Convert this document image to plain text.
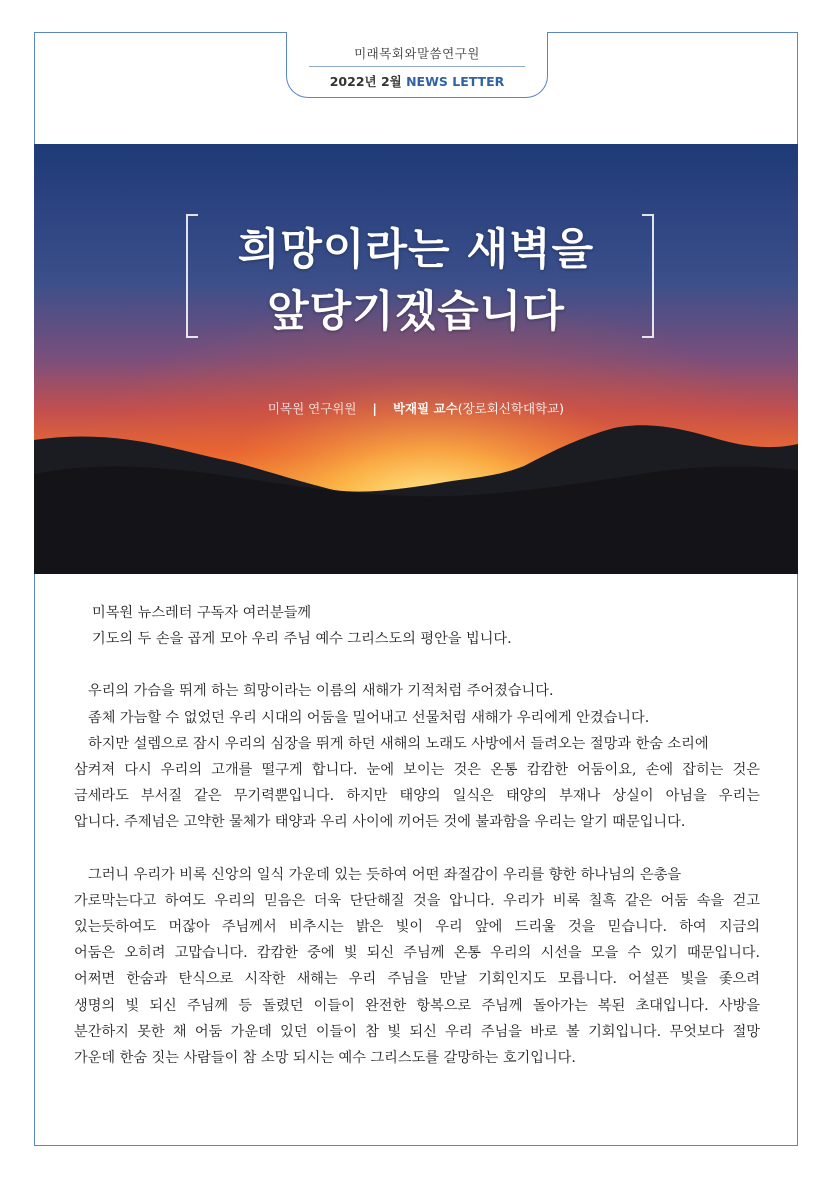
미래목회와말씀연구원
2022년 2월 NEWS LETTER
희망이라는 새벽을
앞당기겠습니다
미목원 연구위원 | 박재필 교수(장로회신학대학교)
미목원 뉴스레터 구독자 여러분들께
기도의 두 손을 곱게 모아 우리 주님 예수 그리스도의 평안을 빕니다.
우리의 가슴을 뛰게 하는 희망이라는 이름의 새해가 기적처럼 주어졌습니다.
좀체 가늠할 수 없었던 우리 시대의 어둠을 밀어내고 선물처럼 새해가 우리에게 안겼습니다.
하지만 설렘으로 잠시 우리의 심장을 뛰게 하던 새해의 노래도 사방에서 들려오는 절망과 한숨 소리에
삼켜져 다시 우리의 고개를 떨구게 합니다. 눈에 보이는 것은 온통 캄캄한 어둠이요, 손에 잡히는 것은
금세라도 부서질 같은 무기력뿐입니다. 하지만 태양의 일식은 태양의 부재나 상실이 아님을 우리는
압니다. 주제넘은 고약한 물체가 태양과 우리 사이에 끼어든 것에 불과함을 우리는 알기 때문입니다.
그러니 우리가 비록 신앙의 일식 가운데 있는 듯하여 어떤 좌절감이 우리를 향한 하나님의 은총을
가로막는다고 하여도 우리의 믿음은 더욱 단단해질 것을 압니다. 우리가 비록 칠흑 같은 어둠 속을 걷고
있는듯하여도 머잖아 주님께서 비추시는 밝은 빛이 우리 앞에 드리울 것을 믿습니다. 하여 지금의
어둠은 오히려 고맙습니다. 캄캄한 중에 빛 되신 주님께 온통 우리의 시선을 모을 수 있기 때문입니다.
어쩌면 한숨과 탄식으로 시작한 새해는 우리 주님을 만날 기회인지도 모릅니다. 어설픈 빛을 좇으려
생명의 빛 되신 주님께 등 돌렸던 이들이 완전한 항복으로 주님께 돌아가는 복된 초대입니다. 사방을
분간하지 못한 채 어둠 가운데 있던 이들이 참 빛 되신 우리 주님을 바로 볼 기회입니다. 무엇보다 절망
가운데 한숨 짓는 사람들이 참 소망 되시는 예수 그리스도를 갈망하는 호기입니다.
